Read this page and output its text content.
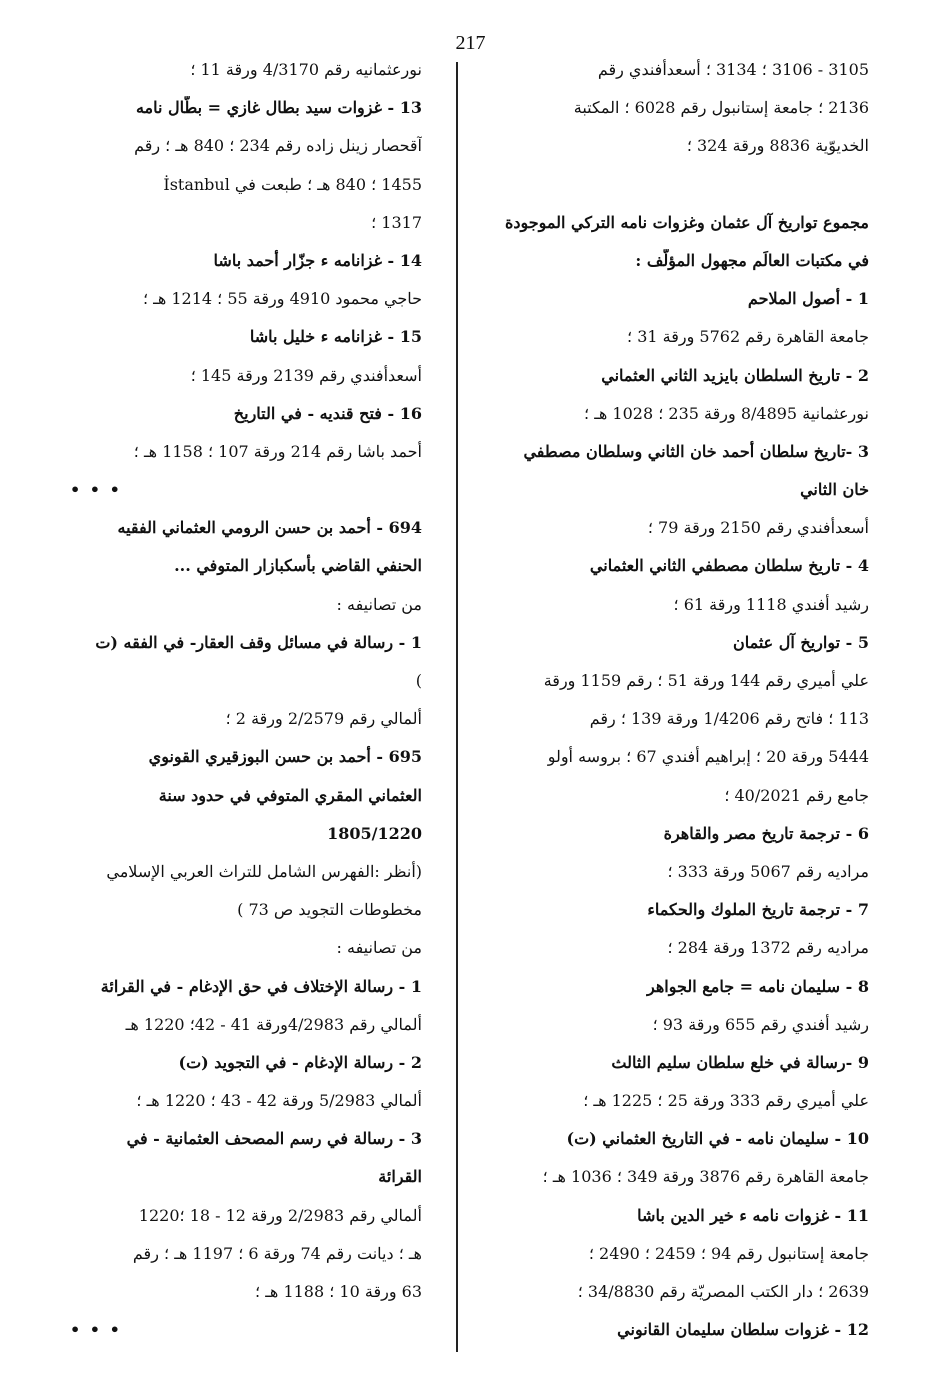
217
3105 - 3106 ؛ 3134 ؛ أسعدأفندي رقم
2136 ؛ جامعة إستانبول رقم 6028 ؛ المكتبة
الخديوّية 8836 ورقة 324 ؛
مجموع تواريخ آل عثمان وغزوات نامه التركي الموجودة
في مكتبات العالَم مجهول المؤلّف :
1 - أصول الملاحم
جامعة القاهرة رقم 5762 ورقة 31 ؛
2 - تاريخ السلطان بايزيد الثاني العثماني
نورعثمانية 8/4895 ورقة 235 ؛ 1028 هـ ؛
3 -تاريخ سلطان أحمد خان الثاني وسلطان مصطفي
خان الثاني
أسعدأفندي رقم 2150 ورقة 79 ؛
4 - تاريخ سلطان مصطفي الثاني العثماني
رشيد أفندي 1118 ورقة 61 ؛
5 - تواريخ آل عثمان
علي أميري رقم 144 ورقة 51 ؛ رقم 1159 ورقة
113 ؛ فاتح رقم 1/4206 ورقة 139 ؛ رقم
5444 ورقة 20 ؛ إبراهيم أفندي 67 ؛ بروسه أولو
جامع رقم 40/2021 ؛
6 - ترجمة تاريخ مصر والقاهرة
مراديه رقم 5067 ورقة 333 ؛
7 - ترجمة تاريخ الملوك والحكماء
مراديه رقم 1372 ورقة 284 ؛
8 - سليمان نامه = جامع الجواهر
رشيد أفندي رقم 655 ورقة 93 ؛
9 -رسالة في خلع سلطان سليم الثالث
علي أميري رقم 333 ورقة 25 ؛ 1225 هـ ؛
10 - سليمان نامه - في التاريخ العثماني (ت)
جامعة القاهرة رقم 3876 ورقة 349 ؛ 1036 هـ ؛
11 - غزوات نامه ء خير الدين باشا
جامعة إستانبول رقم 94 ؛ 2459 ؛ 2490 ؛
2639 ؛ دار الكتب المصريّة رقم 34/8830 ؛
12 - غزوات سلطان سليمان القانوني
نورعثمانيه رقم 4/3170 ورقة 11 ؛
13 - غزوات سيد بطال غازي = بطّال نامه
آقحصار زينل زاده رقم 234 ؛ 840 هـ ؛ رقم
1455 ؛ 840 هـ ؛ طبعت في İstanbul
1317 ؛
14 - غزانامه ء جزّار أحمد باشا
حاجي محمود 4910 ورقة 55 ؛ 1214 هـ ؛
15 - غزانامه ء خليل باشا
أسعدأفندي رقم 2139 ورقة 145 ؛
16 - فتح قنديه - في التاريخ
أحمد باشا رقم 214 ورقة 107 ؛ 1158 هـ ؛
• • •
694 - أحمد بن حسن الرومي العثماني الفقيه
الحنفي القاضي بأسكبازار المتوفي ...
من تصانيفه :
1 - رسالة في مسائل وقف العقار- في الفقه (ت
)
ألمالي رقم 2/2579 ورقة 2 ؛
695 - أحمد بن حسن البوزقيري القونوي
العثماني المقري المتوفي في حدود سنة
1805/1220
(أنظر :الفهرس الشامل للتراث العربي الإسلامي
مخطوطات التجويد ص 73 )
من تصانيفه :
1 - رسالة الإختلاف في حق الإدغام - في القرائة
ألمالي رقم 4/2983ورقة 41 - 42؛ 1220 هـ
2 - رسالة الإدغام - في التجويد (ت)
ألمالي 5/2983 ورقة 42 - 43 ؛ 1220 هـ ؛
3 - رسالة في رسم المصحف العثمانية - في
القرائة
ألمالي رقم 2/2983 ورقة 12 - 18 ؛1220
هـ ؛ ديانت رقم 74 ورقة 6 ؛ 1197 هـ ؛ رقم
63 ورقة 10 ؛ 1188 هـ ؛
• • •
